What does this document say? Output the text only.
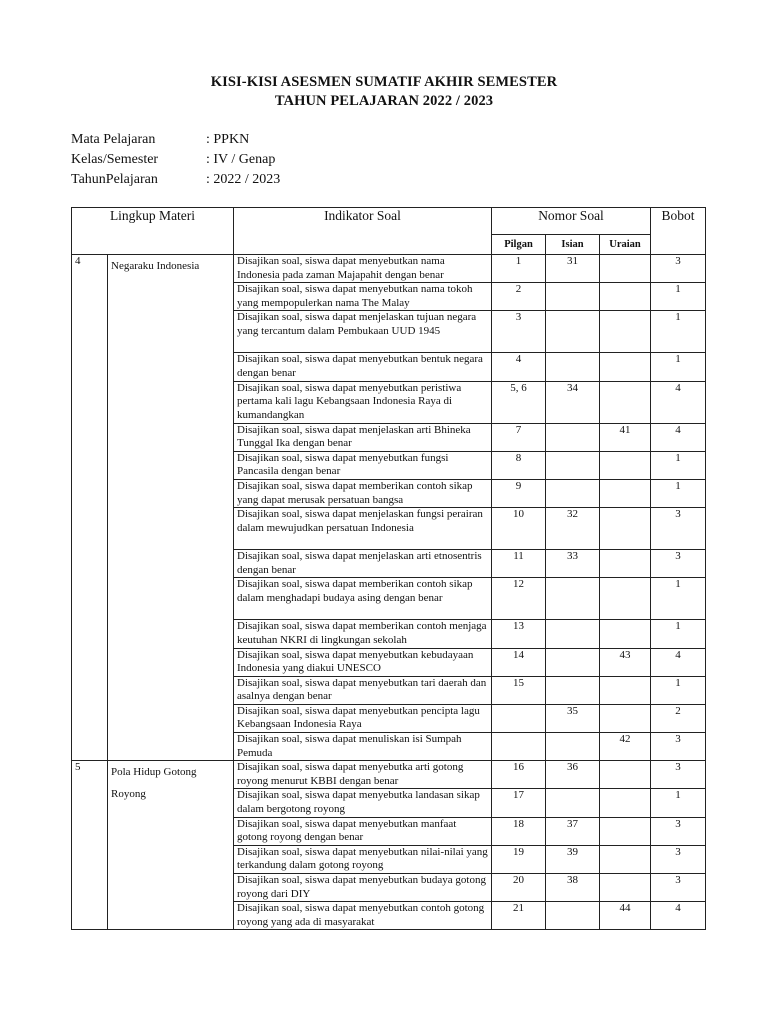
KISI-KISI ASESMEN SUMATIF AKHIR SEMESTER
TAHUN PELAJARAN 2022 / 2023
Mata Pelajaran	: PPKN
Kelas/Semester	: IV / Genap
TahunPelajaran	: 2022 / 2023
Lingkup Materi		Indikator Soal	Nomor Soal			Bobot
			Pilgan	Isian	Uraian	
4	Negaraku Indonesia	Disajikan soal, siswa dapat menyebutkan nama Indonesia pada zaman Majapahit dengan benar	1	31		3
		Disajikan soal, siswa dapat menyebutkan nama tokoh yang mempopulerkan nama The Malay	2			1
		Disajikan soal, siswa dapat menjelaskan tujuan negara yang tercantum dalam Pembukaan UUD 1945	3			1
		Disajikan soal, siswa dapat menyebutkan bentuk negara dengan benar	4			1
		Disajikan soal, siswa dapat menyebutkan peristiwa pertama kali lagu Kebangsaan Indonesia Raya di kumandangkan	5, 6	34		4
		Disajikan soal, siswa dapat menjelaskan arti Bhineka Tunggal Ika dengan benar	7		41	4
		Disajikan soal, siswa dapat menyebutkan fungsi Pancasila dengan benar	8			1
		Disajikan soal, siswa dapat memberikan contoh sikap yang dapat merusak persatuan bangsa	9			1
		Disajikan soal, siswa dapat menjelaskan fungsi perairan dalam mewujudkan persatuan Indonesia	10	32		3
		Disajikan soal, siswa dapat menjelaskan arti etnosentris dengan benar	11	33		3
		Disajikan soal, siswa dapat memberikan contoh sikap dalam menghadapi budaya asing dengan benar	12			1
		Disajikan soal, siswa dapat memberikan contoh menjaga keutuhan NKRI di lingkungan sekolah	13			1
		Disajikan soal, siswa dapat menyebutkan kebudayaan Indonesia yang diakui UNESCO	14		43	4
		Disajikan soal, siswa dapat menyebutkan tari daerah dan asalnya dengan benar	15			1
		Disajikan soal, siswa dapat menyebutkan pencipta lagu Kebangsaan Indonesia Raya		35		2
		Disajikan soal, siswa dapat menuliskan isi Sumpah Pemuda			42	3
5	Pola Hidup Gotong Royong	Disajikan soal, siswa dapat menyebutka arti gotong royong menurut KBBI dengan benar	16	36		3
		Disajikan soal, siswa dapat menyebutka landasan sikap dalam bergotong royong	17			1
		Disajikan soal, siswa dapat menyebutkan manfaat gotong royong dengan benar	18	37		3
		Disajikan soal, siswa dapat menyebutkan nilai-nilai yang terkandung dalam gotong royong	19	39		3
		Disajikan soal, siswa dapat menyebutkan budaya gotong royong dari DIY	20	38		3
		Disajikan soal, siswa dapat menyebutkan contoh gotong royong yang ada di masyarakat	21		44	4
